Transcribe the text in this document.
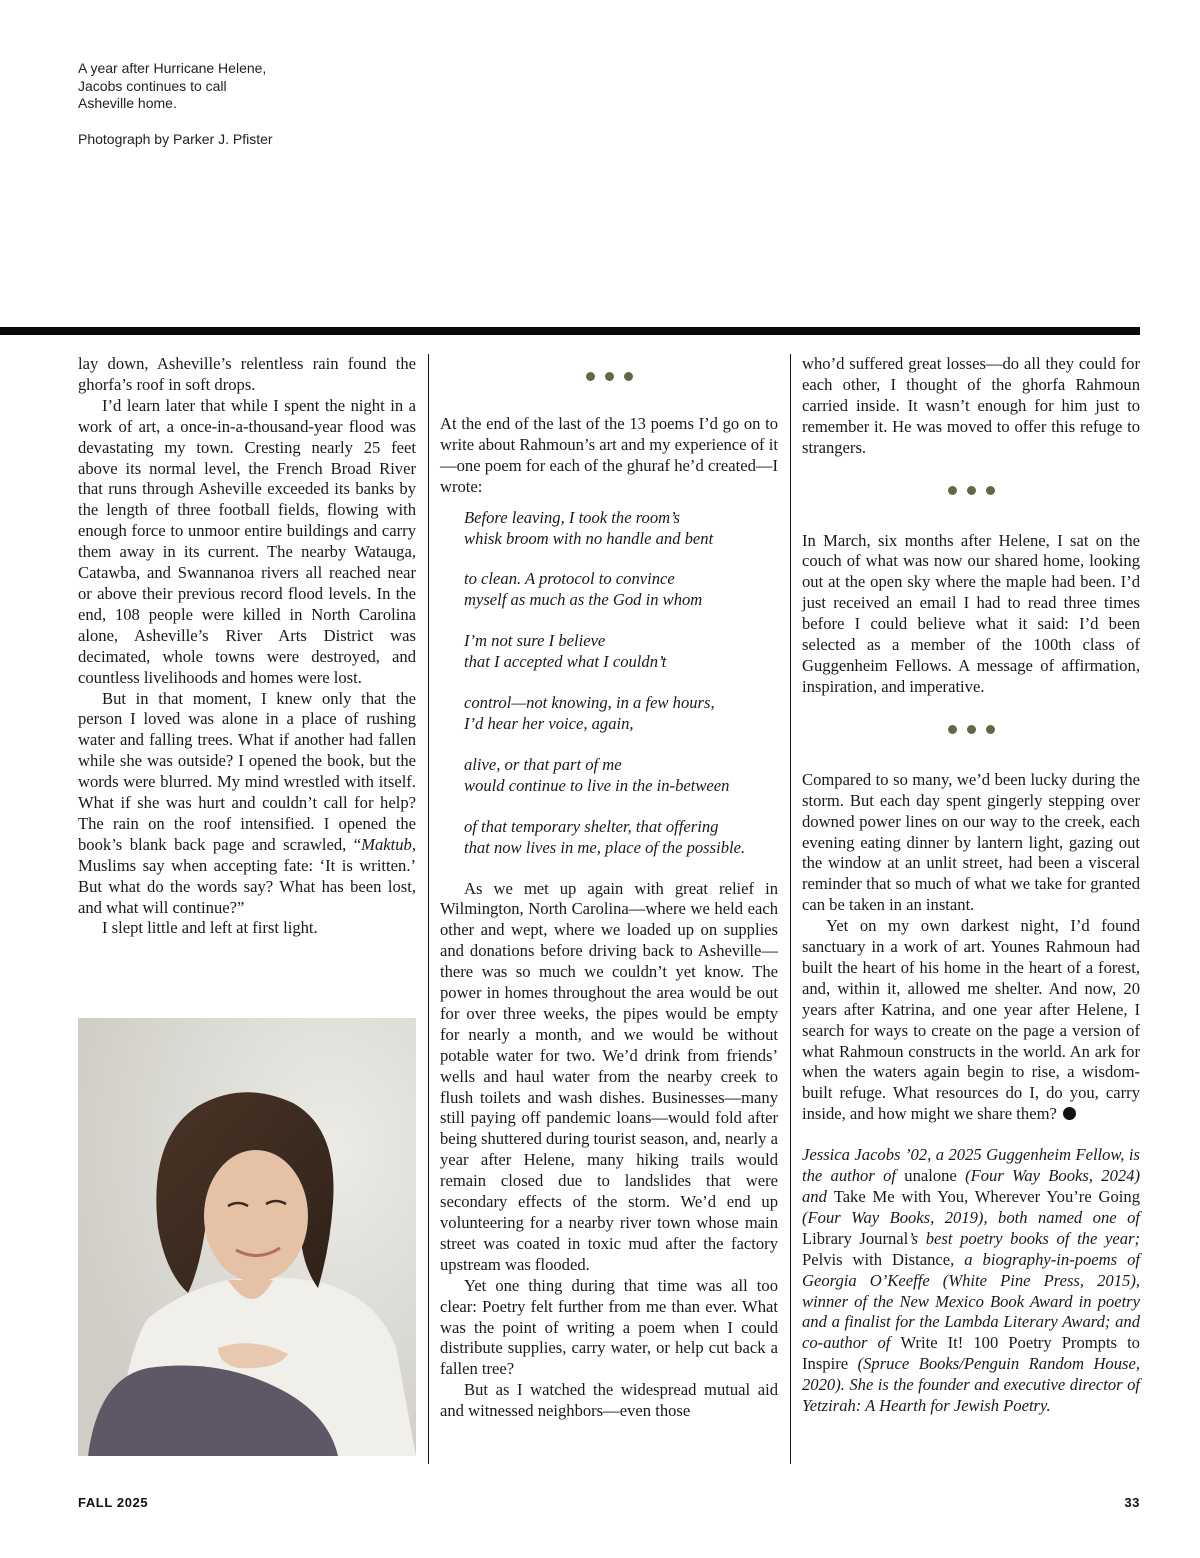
A year after Hurricane Helene, Jacobs continues to call Asheville home.

Photograph by Parker J. Pfister

lay down, Asheville’s relentless rain found the ghorfa’s roof in soft drops.

I’d learn later that while I spent the night in a work of art, a once-in-a-thousand-year flood was devastating my town. Cresting nearly 25 feet above its normal level, the French Broad River that runs through Asheville exceeded its banks by the length of three football fields, flowing with enough force to unmoor entire buildings and carry them away in its current. The nearby Watauga, Catawba, and Swannanoa rivers all reached near or above their previous record flood levels. In the end, 108 people were killed in North Carolina alone, Asheville’s River Arts District was decimated, whole towns were destroyed, and countless livelihoods and homes were lost.

But in that moment, I knew only that the person I loved was alone in a place of rushing water and falling trees. What if another had fallen while she was outside? I opened the book, but the words were blurred. My mind wrestled with itself. What if she was hurt and couldn’t call for help? The rain on the roof intensified. I opened the book’s blank back page and scrawled, “Maktub, Muslims say when accepting fate: ‘It is written.’ But what do the words say? What has been lost, and what will continue?”

I slept little and left at first light.

At the end of the last of the 13 poems I’d go on to write about Rahmoun’s art and my experience of it—one poem for each of the ghuraf he’d created—I wrote:

Before leaving, I took the room’s
whisk broom with no handle and bent
to clean. A protocol to convince
myself as much as the God in whom
I’m not sure I believe
that I accepted what I couldn’t
control—not knowing, in a few hours,
I’d hear her voice, again,
alive, or that part of me
would continue to live in the in-between
of that temporary shelter, that offering
that now lives in me, place of the possible.

As we met up again with great relief in Wilmington, North Carolina—where we held each other and wept, where we loaded up on supplies and donations before driving back to Asheville—there was so much we couldn’t yet know. The power in homes throughout the area would be out for over three weeks, the pipes would be empty for nearly a month, and we would be without potable water for two. We’d drink from friends’ wells and haul water from the nearby creek to flush toilets and wash dishes. Businesses—many still paying off pandemic loans—would fold after being shuttered during tourist season, and, nearly a year after Helene, many hiking trails would remain closed due to landslides that were secondary effects of the storm. We’d end up volunteering for a nearby river town whose main street was coated in toxic mud after the factory upstream was flooded.

Yet one thing during that time was all too clear: Poetry felt further from me than ever. What was the point of writing a poem when I could distribute supplies, carry water, or help cut back a fallen tree?

But as I watched the widespread mutual aid and witnessed neighbors—even those

who’d suffered great losses—do all they could for each other, I thought of the ghorfa Rahmoun carried inside. It wasn’t enough for him just to remember it. He was moved to offer this refuge to strangers.

In March, six months after Helene, I sat on the couch of what was now our shared home, looking out at the open sky where the maple had been. I’d just received an email I had to read three times before I could believe what it said: I’d been selected as a member of the 100th class of Guggenheim Fellows. A message of affirmation, inspiration, and imperative.

Compared to so many, we’d been lucky during the storm. But each day spent gingerly stepping over downed power lines on our way to the creek, each evening eating dinner by lantern light, gazing out the window at an unlit street, had been a visceral reminder that so much of what we take for granted can be taken in an instant.

Yet on my own darkest night, I’d found sanctuary in a work of art. Younes Rahmoun had built the heart of his home in the heart of a forest, and, within it, allowed me shelter. And now, 20 years after Katrina, and one year after Helene, I search for ways to create on the page a version of what Rahmoun constructs in the world. An ark for when the waters again begin to rise, a wisdom-built refuge. What resources do I, do you, carry inside, and how might we share them?

Jessica Jacobs ’02, a 2025 Guggenheim Fellow, is the author of unalone (Four Way Books, 2024) and Take Me with You, Wherever You’re Going (Four Way Books, 2019), both named one of Library Journal’s best poetry books of the year; Pelvis with Distance, a biography-in-poems of Georgia O’Keeffe (White Pine Press, 2015), winner of the New Mexico Book Award in poetry and a finalist for the Lambda Literary Award; and co-author of Write It! 100 Poetry Prompts to Inspire (Spruce Books/Penguin Random House, 2020). She is the founder and executive director of Yetzirah: A Hearth for Jewish Poetry.

FALL 2025	33
